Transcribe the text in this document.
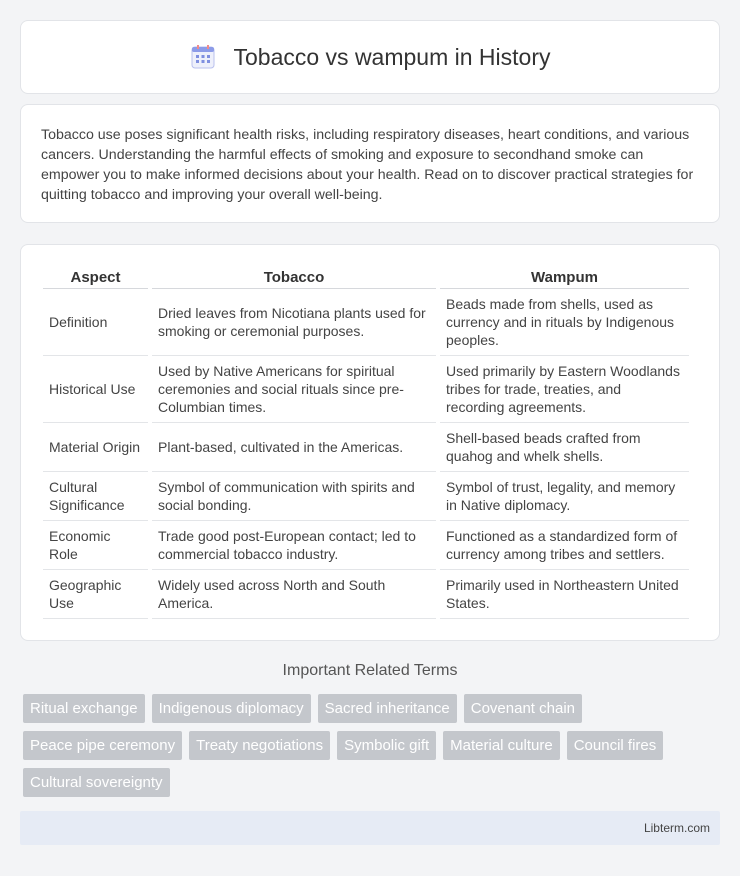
Tobacco vs wampum in History

Tobacco use poses significant health risks, including respiratory diseases, heart conditions, and various cancers. Understanding the harmful effects of smoking and exposure to secondhand smoke can empower you to make informed decisions about your health. Read on to discover practical strategies for quitting tobacco and improving your overall well-being.

Aspect	Tobacco	Wampum
Definition	Dried leaves from Nicotiana plants used for smoking or ceremonial purposes.	Beads made from shells, used as currency and in rituals by Indigenous peoples.
Historical Use	Used by Native Americans for spiritual ceremonies and social rituals since pre-Columbian times.	Used primarily by Eastern Woodlands tribes for trade, treaties, and recording agreements.
Material Origin	Plant-based, cultivated in the Americas.	Shell-based beads crafted from quahog and whelk shells.
Cultural Significance	Symbol of communication with spirits and social bonding.	Symbol of trust, legality, and memory in Native diplomacy.
Economic Role	Trade good post-European contact; led to commercial tobacco industry.	Functioned as a standardized form of currency among tribes and settlers.
Geographic Use	Widely used across North and South America.	Primarily used in Northeastern United States.
Important Related Terms
Ritual exchange	Indigenous diplomacy	Sacred inheritance	Covenant chain
Peace pipe ceremony	Treaty negotiations	Symbolic gift	Material culture	Council fires
Cultural sovereignty
Libterm.com
